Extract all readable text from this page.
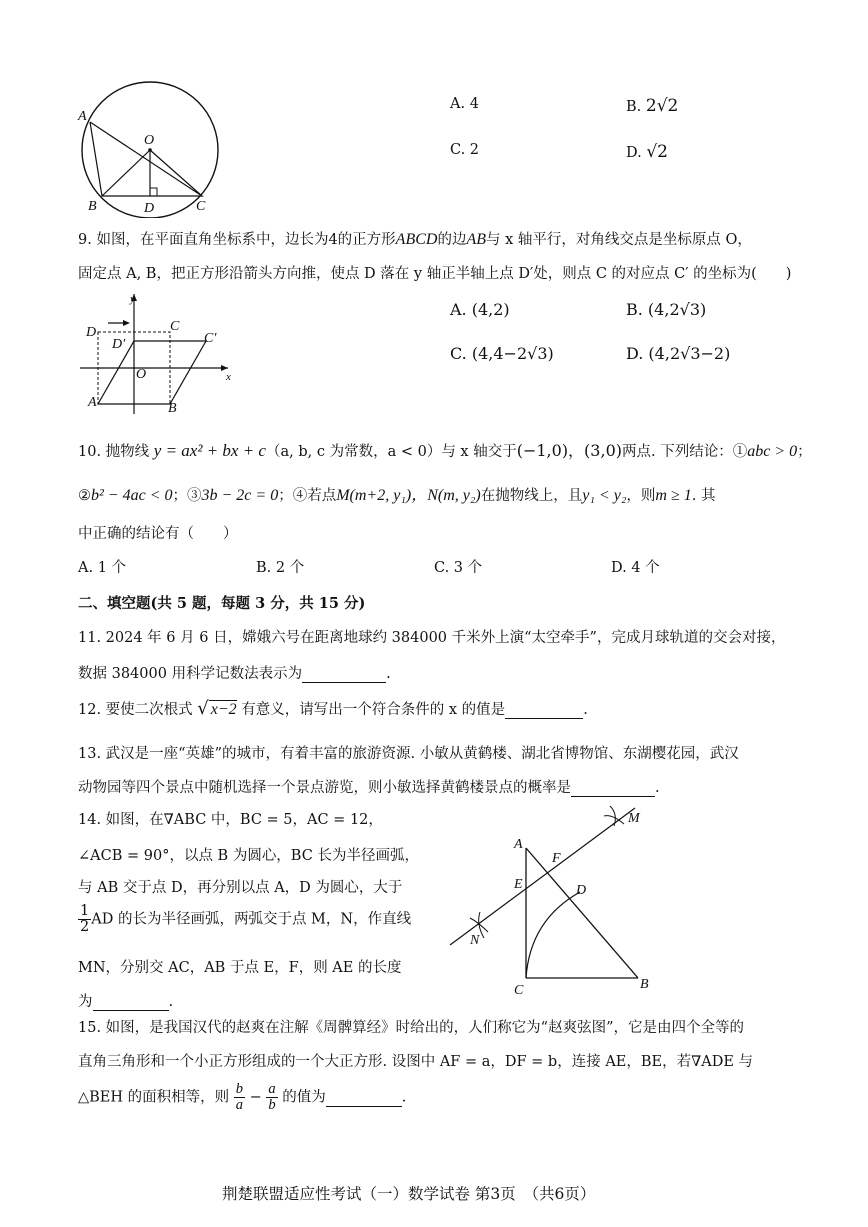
A
O
B	D	C
A. 4	B. 2√2
C. 2	D. √2
9. 如图，在平面直角坐标系中，边长为4的正方形ABCD的边AB与 x 轴平行，对角线交点是坐标原点 O，
固定点 A, B，把正方形沿箭头方向推，使点 D 落在 y 轴正半轴上点 D′处，则点 C 的对应点 C′ 的坐标为(　　)
y
x
D	C
D′	C′
O
A	B
A. (4,2)	B. (4,2√3)
C. (4,4−2√3)	D. (4,2√3−2)
10. 抛物线 y = ax² + bx + c（a, b, c 为常数，a < 0）与 x 轴交于(−1,0)，(3,0)两点. 下列结论：①abc > 0；
②b² − 4ac < 0；③3b − 2c = 0；④若点M(m+2, y₁)，N(m, y₂)在抛物线上，且y₁ < y₂，则m ≥ 1. 其
中正确的结论有（　　）
A. 1 个	B. 2 个	C. 3 个	D. 4 个
二、填空题(共 5 题，每题 3 分，共 15 分)
11. 2024 年 6 月 6 日，嫦娥六号在距离地球约 384000 千米外上演“太空牵手”，完成月球轨道的交会对接，
数据 384000 用科学记数法表示为	.
12. 要使二次根式 √ x−2 有意义，请写出一个符合条件的 x 的值是	.
13. 武汉是一座“英雄”的城市，有着丰富的旅游资源. 小敏从黄鹤楼、湖北省博物馆、东湖樱花园，武汉
动物园等四个景点中随机选择一个景点游览，则小敏选择黄鹤楼景点的概率是	.
14. 如图，在∇ABC 中，BC = 5，AC = 12，
∠ACB = 90°，以点 B 为圆心，BC 长为半径画弧，
与 AB 交于点 D，再分别以点 A，D 为圆心，大于
$\frac{1}{2}$ AD 的长为半径画弧，两弧交于点 M，N，作直线
MN，分别交 AC，AB 于点 E，F，则 AE 的长度
为	.
A
M
F
E	D
N
C	B
15. 如图，是我国汉代的赵爽在注解《周髀算经》时给出的，人们称它为“赵爽弦图”，它是由四个全等的
直角三角形和一个小正方形组成的一个大正方形. 设图中 AF = a，DF = b，连接 AE，BE，若∇ADE 与
△BEH 的面积相等，则 $\frac{b}{a} - \frac{a}{b}$ 的值为	.
荆楚联盟适应性考试（一）数学试卷 第3页　（共6页）
